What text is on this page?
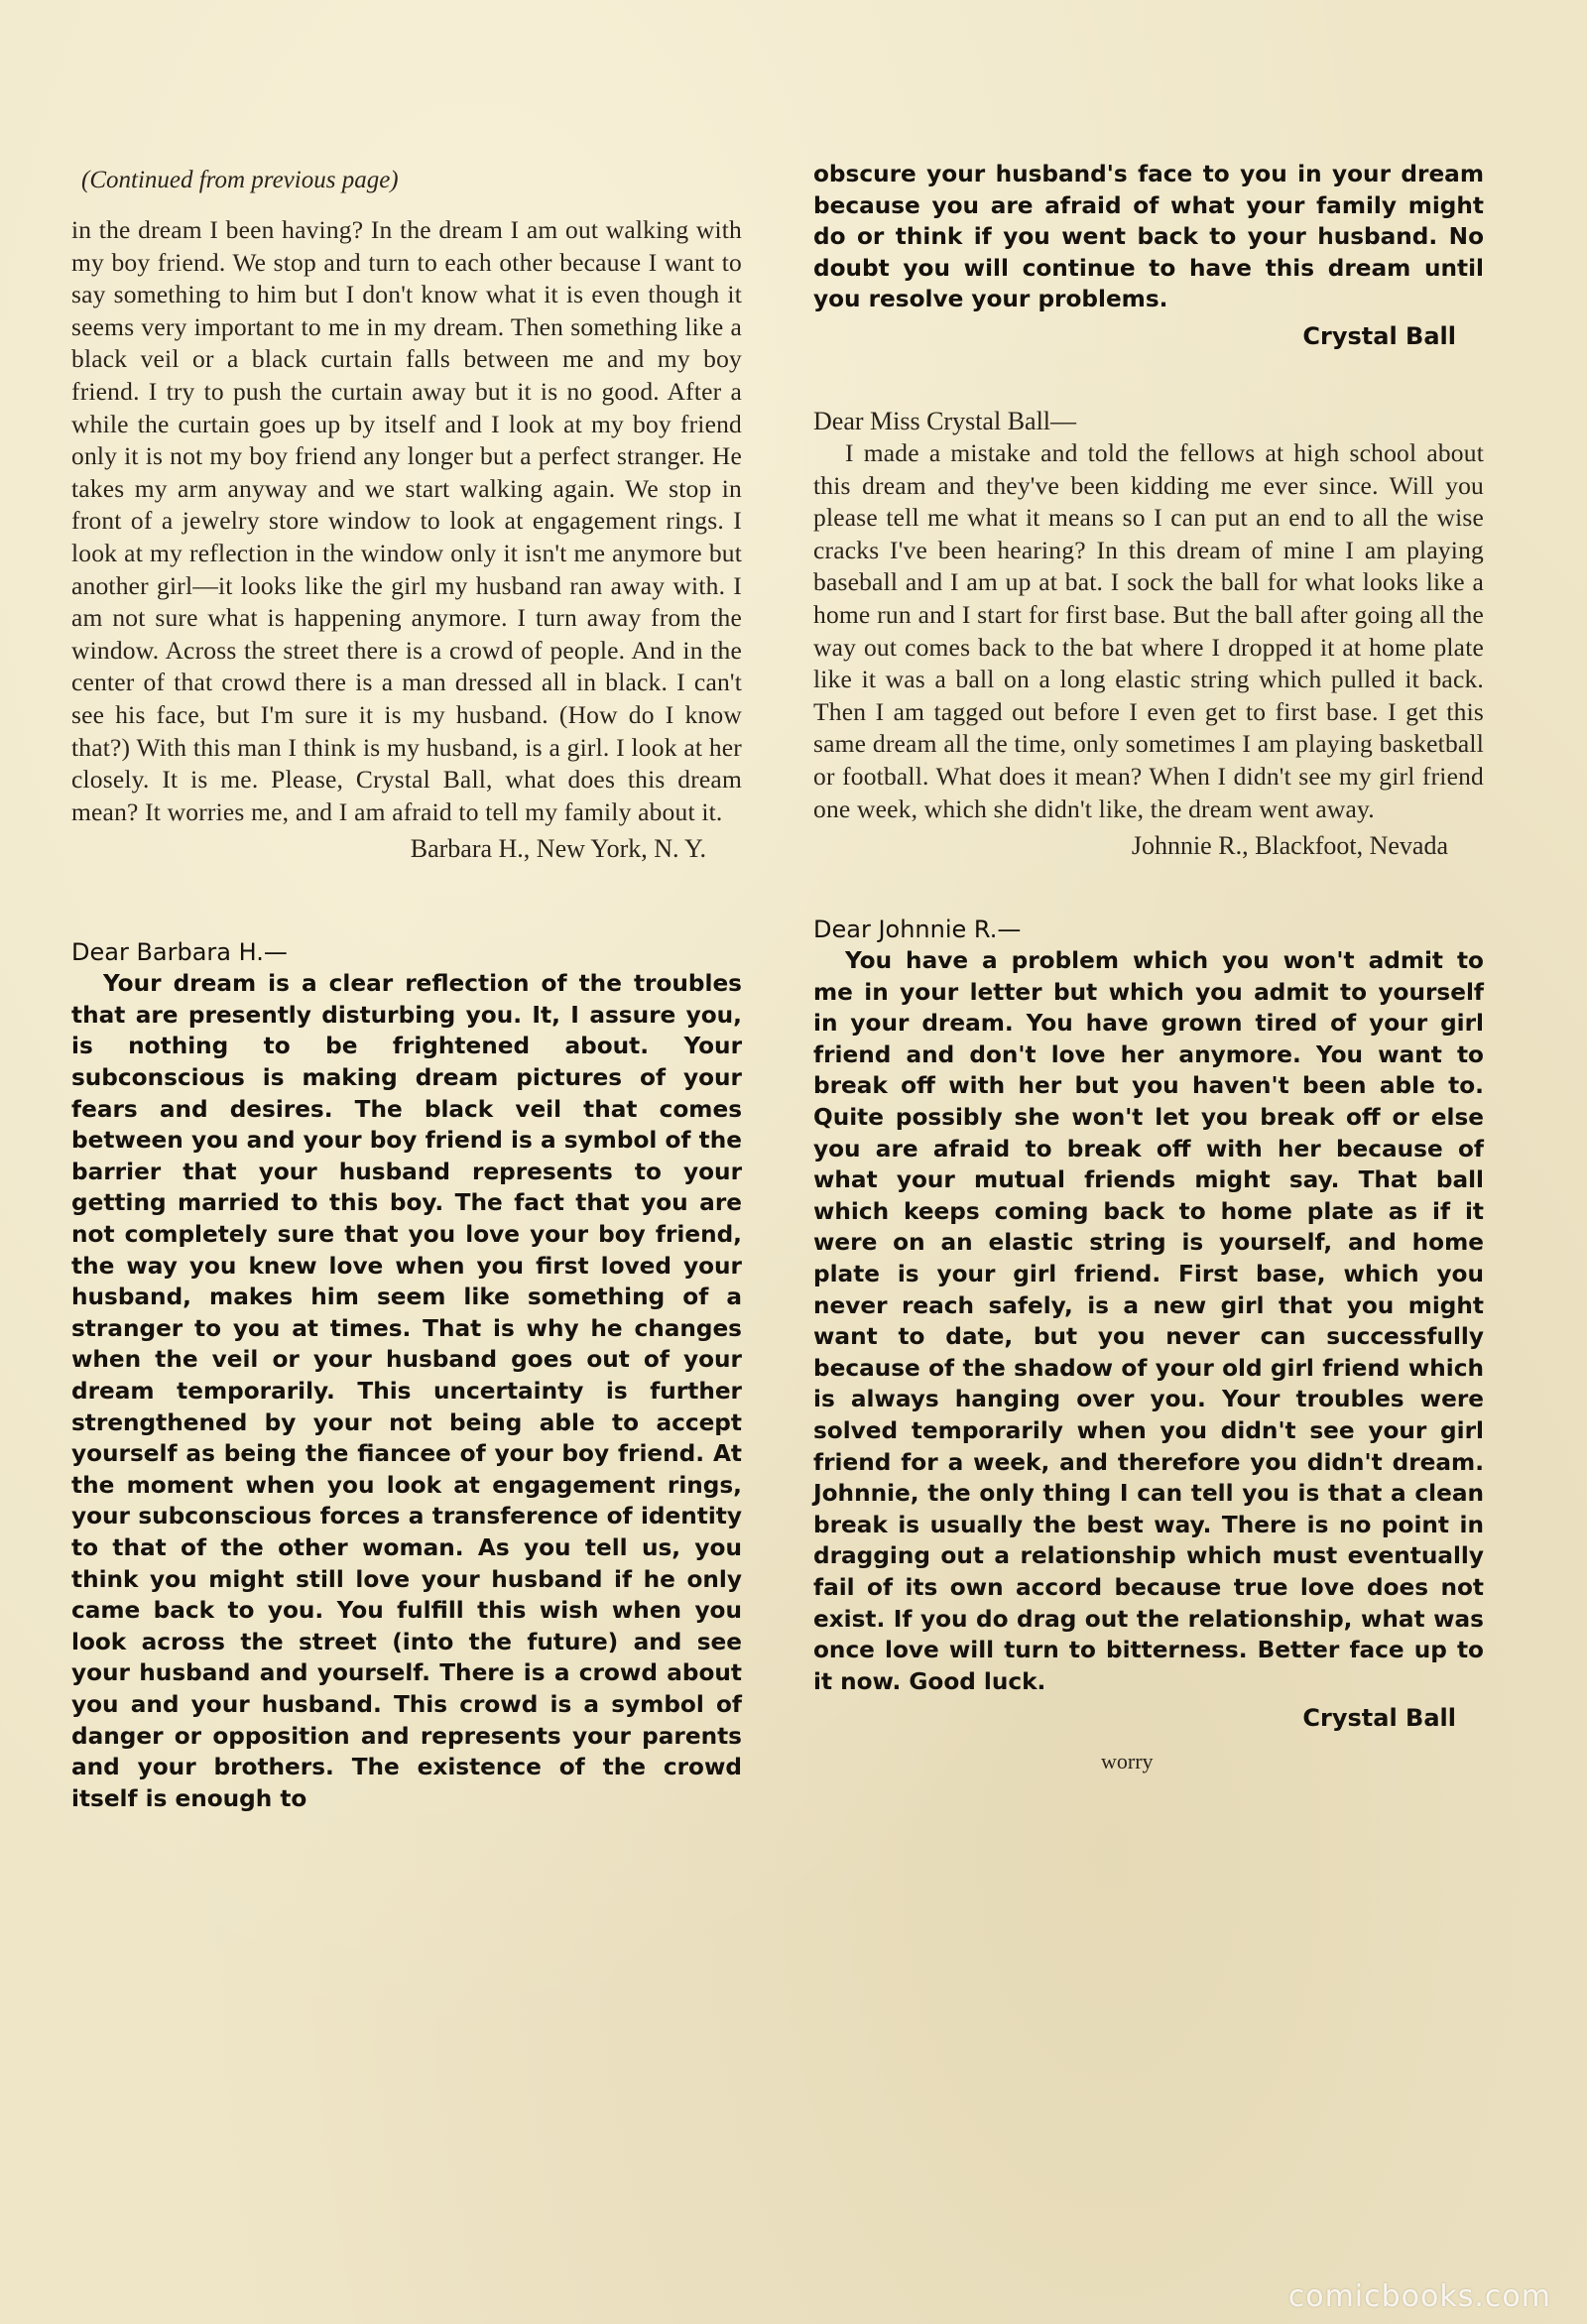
(Continued from previous page)

in the dream I been having? In the dream I am out walking with my boy friend. We stop and turn to each other because I want to say something to him but I don't know what it is even though it seems very important to me in my dream. Then something like a black veil or a black curtain falls between me and my boy friend. I try to push the curtain away but it is no good. After a while the curtain goes up by itself and I look at my boy friend only it is not my boy friend any longer but a perfect stranger. He takes my arm anyway and we start walking again. We stop in front of a jewelry store window to look at engagement rings. I look at my reflection in the window only it isn't me anymore but another girl—it looks like the girl my husband ran away with. I am not sure what is happening anymore. I turn away from the window. Across the street there is a crowd of people. And in the center of that crowd there is a man dressed all in black. I can't see his face, but I'm sure it is my husband. (How do I know that?) With this man I think is my husband, is a girl. I look at her closely. It is me. Please, Crystal Ball, what does this dream mean? It worries me, and I am afraid to tell my family about it.

Barbara H., New York, N. Y.

Dear Barbara H.—

Your dream is a clear reflection of the troubles that are presently disturbing you. It, I assure you, is nothing to be frightened about. Your subconscious is making dream pictures of your fears and desires. The black veil that comes between you and your boy friend is a symbol of the barrier that your husband represents to your getting married to this boy. The fact that you are not completely sure that you love your boy friend, the way you knew love when you first loved your husband, makes him seem like something of a stranger to you at times. That is why he changes when the veil or your husband goes out of your dream temporarily. This uncertainty is further strengthened by your not being able to accept yourself as being the fiancee of your boy friend. At the moment when you look at engagement rings, your subconscious forces a transference of identity to that of the other woman. As you tell us, you think you might still love your husband if he only came back to you. You fulfill this wish when you look across the street (into the future) and see your husband and yourself. There is a crowd about you and your husband. This crowd is a symbol of danger or opposition and represents your parents and your brothers. The existence of the crowd itself is enough to

obscure your husband's face to you in your dream because you are afraid of what your family might do or think if you went back to your husband. No doubt you will continue to have this dream until you resolve your problems.

Crystal Ball

Dear Miss Crystal Ball—

I made a mistake and told the fellows at high school about this dream and they've been kidding me ever since. Will you please tell me what it means so I can put an end to all the wise cracks I've been hearing? In this dream of mine I am playing baseball and I am up at bat. I sock the ball for what looks like a home run and I start for first base. But the ball after going all the way out comes back to the bat where I dropped it at home plate like it was a ball on a long elastic string which pulled it back. Then I am tagged out before I even get to first base. I get this same dream all the time, only sometimes I am playing basketball or football. What does it mean? When I didn't see my girl friend one week, which she didn't like, the dream went away.

Johnnie R., Blackfoot, Nevada

Dear Johnnie R.—

You have a problem which you won't admit to me in your letter but which you admit to yourself in your dream. You have grown tired of your girl friend and don't love her anymore. You want to break off with her but you haven't been able to. Quite possibly she won't let you break off or else you are afraid to break off with her because of what your mutual friends might say. That ball which keeps coming back to home plate as if it were on an elastic string is yourself, and home plate is your girl friend. First base, which you never reach safely, is a new girl that you might want to date, but you never can successfully because of the shadow of your old girl friend which is always hanging over you. Your troubles were solved temporarily when you didn't see your girl friend for a week, and therefore you didn't dream. Johnnie, the only thing I can tell you is that a clean break is usually the best way. There is no point in dragging out a relationship which must eventually fail of its own accord because true love does not exist. If you do drag out the relationship, what was once love will turn to bitterness. Better face up to it now. Good luck.

Crystal Ball

worry

comicbooks.com
